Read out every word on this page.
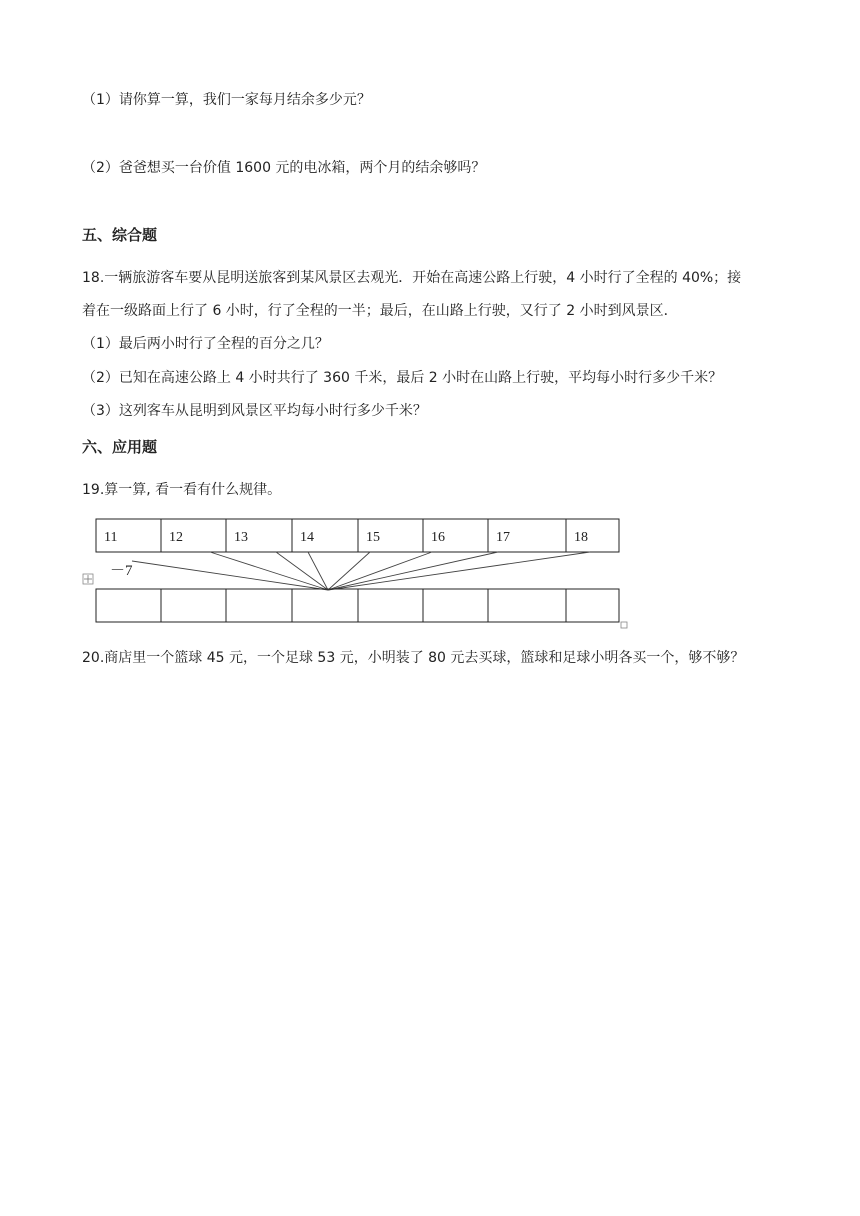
（1）请你算一算，我们一家每月结余多少元？
（2）爸爸想买一台价值 1600 元的电冰箱，两个月的结余够吗？
五、综合题
18.一辆旅游客车要从昆明送旅客到某风景区去观光．开始在高速公路上行驶，4 小时行了全程的 40%；接
着在一级路面上行了 6 小时，行了全程的一半；最后，在山路上行驶，又行了 2 小时到风景区．
（1）最后两小时行了全程的百分之几？
（2）已知在高速公路上 4 小时共行了 360 千米，最后 2 小时在山路上行驶，平均每小时行多少千米？
（3）这列客车从昆明到风景区平均每小时行多少千米？
六、应用题
19.算一算, 看一看有什么规律。
11	12	13	14	15	16	17	18
－7
20.商店里一个篮球 45 元，一个足球 53 元，小明装了 80 元去买球，篮球和足球小明各买一个，够不够？
